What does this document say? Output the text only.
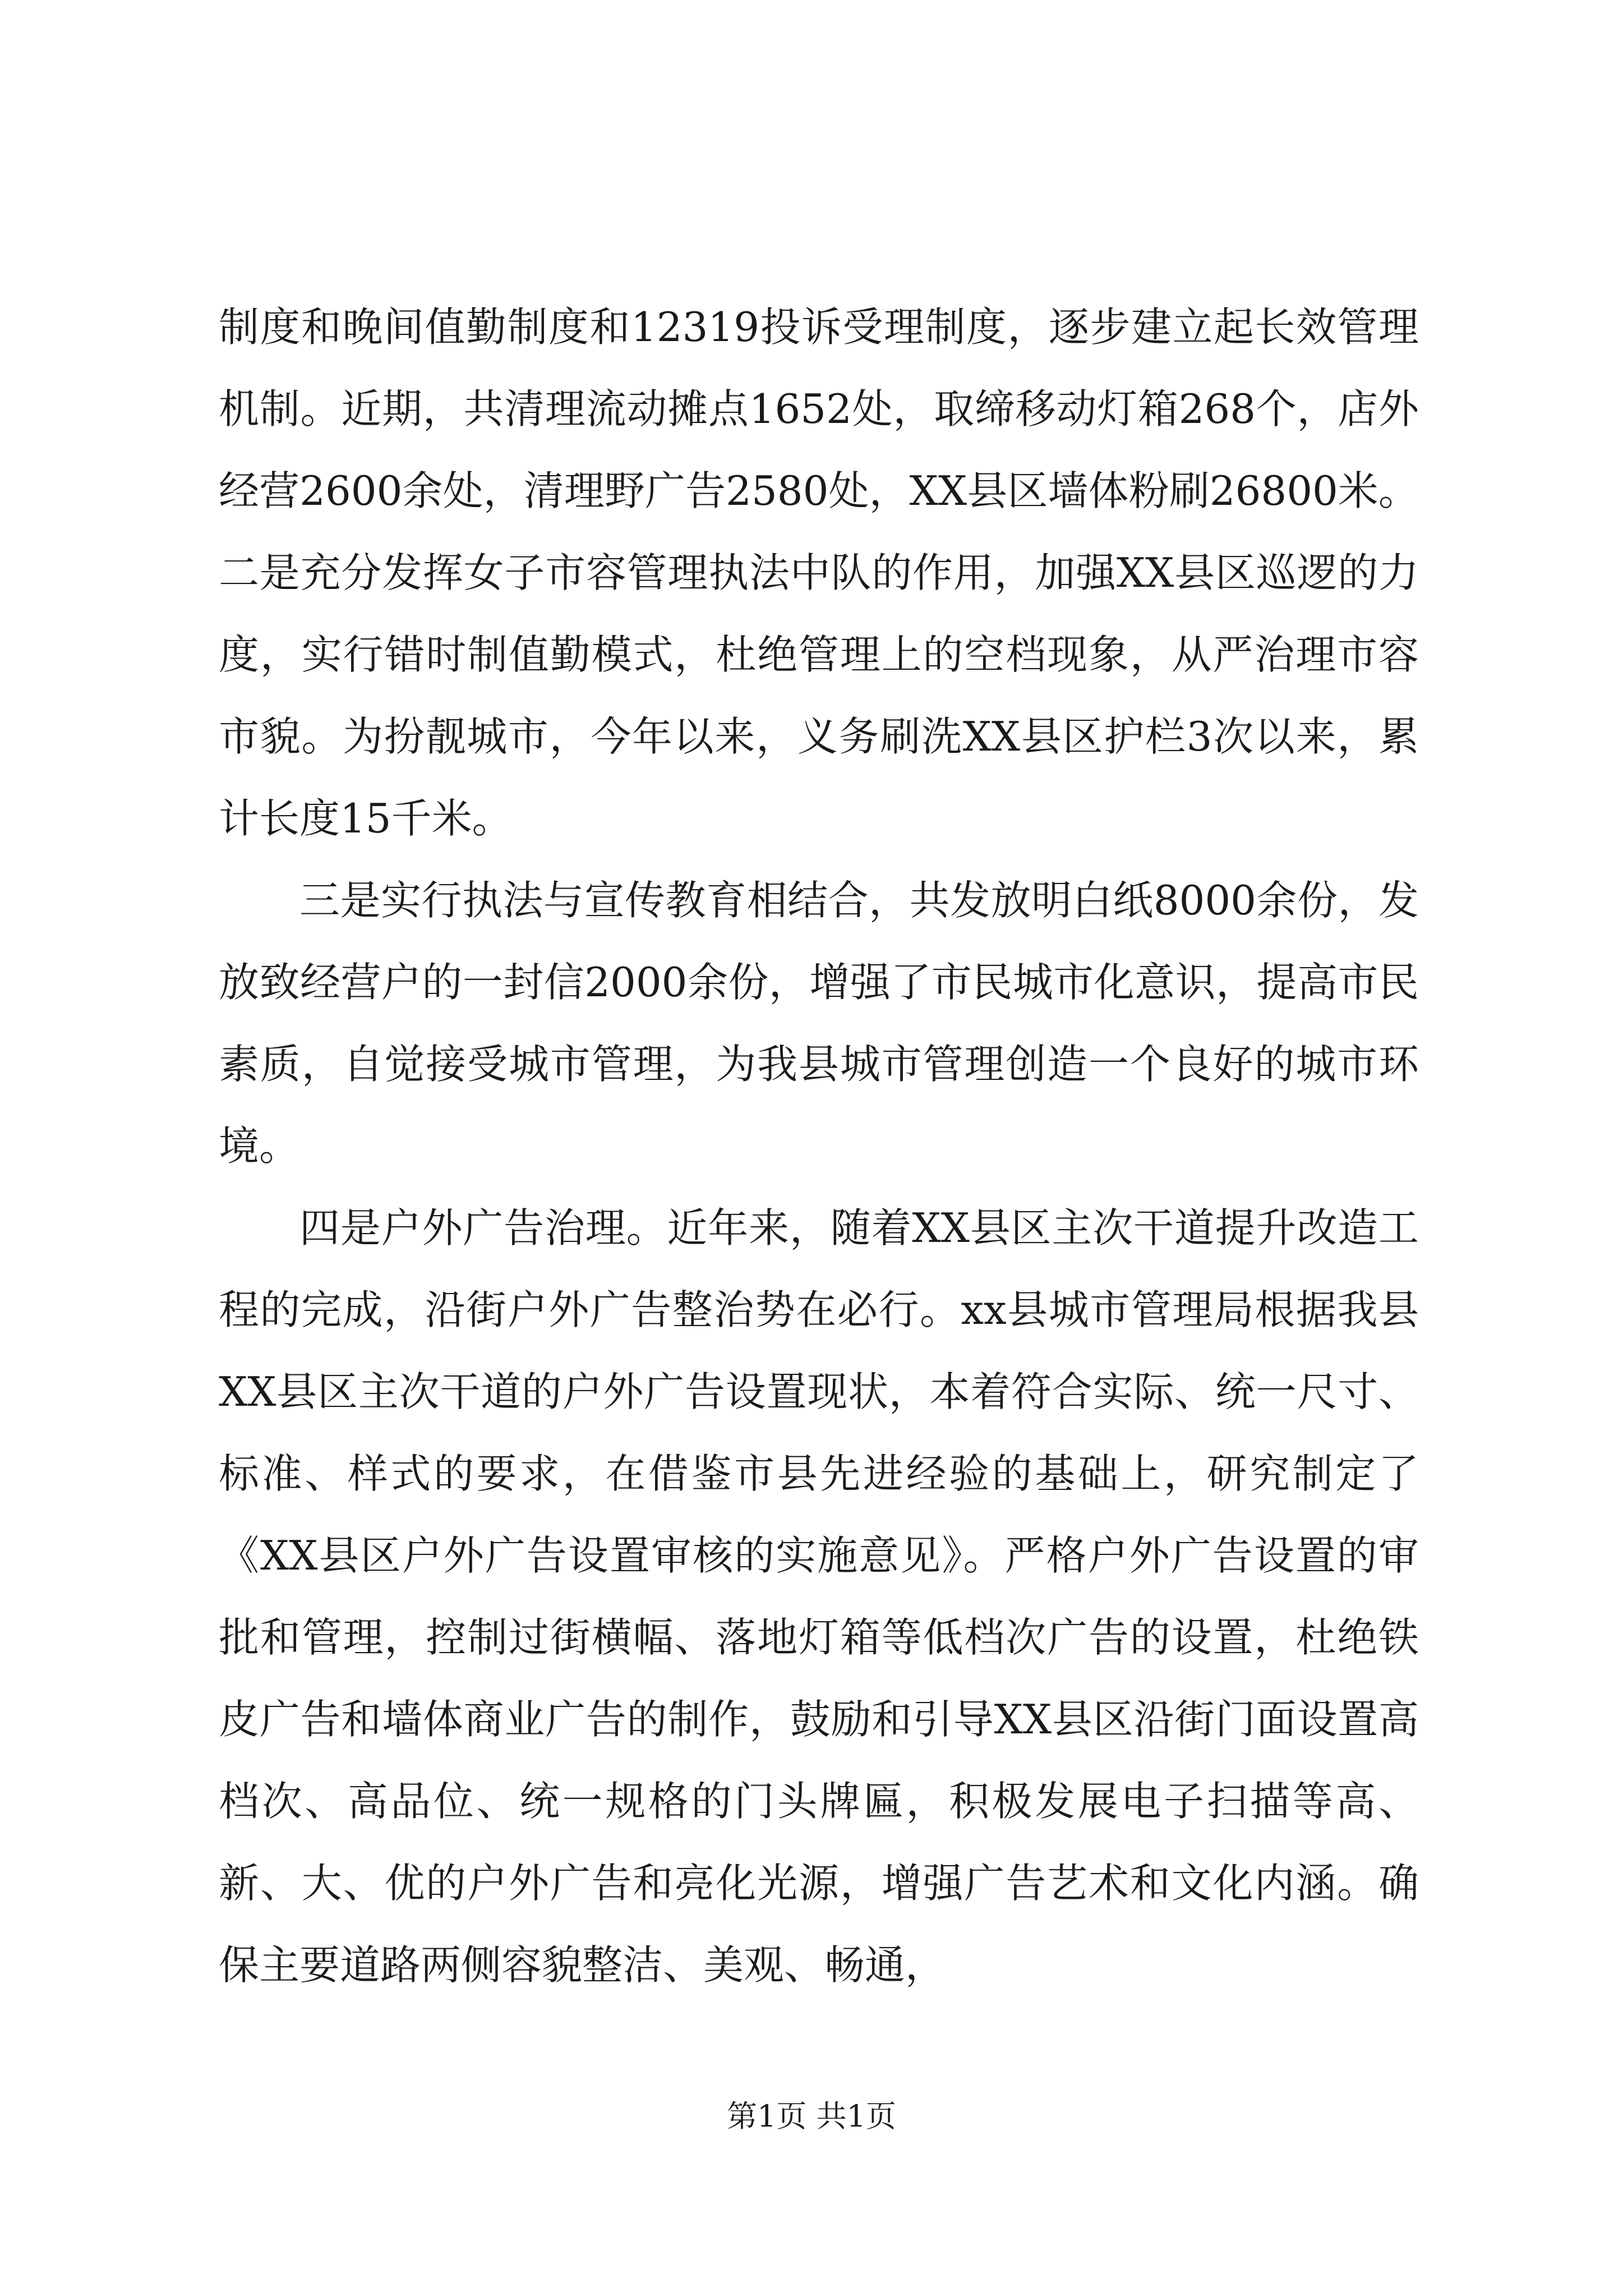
制度和晚间值勤制度和12319投诉受理制度，逐步建立起长效管理机制。近期，共清理流动摊点1652处，取缔移动灯箱268个，店外经营2600余处，清理野广告2580处，XX县区墙体粉刷26800米。二是充分发挥女子市容管理执法中队的作用，加强XX县区巡逻的力度，实行错时制值勤模式，杜绝管理上的空档现象，从严治理市容市貌。为扮靓城市，今年以来，义务刷洗XX县区护栏3次以来，累计长度15千米。

三是实行执法与宣传教育相结合，共发放明白纸8000余份，发放致经营户的一封信2000余份，增强了市民城市化意识，提高市民素质，自觉接受城市管理，为我县城市管理创造一个良好的城市环境。

四是户外广告治理。近年来，随着XX县区主次干道提升改造工程的完成，沿街户外广告整治势在必行。xx县城市管理局根据我县XX县区主次干道的户外广告设置现状，本着符合实际、统一尺寸、标准、样式的要求，在借鉴市县先进经验的基础上，研究制定了《XX县区户外广告设置审核的实施意见》。严格户外广告设置的审批和管理，控制过街横幅、落地灯箱等低档次广告的设置，杜绝铁皮广告和墙体商业广告的制作，鼓励和引导XX县区沿街门面设置高档次、高品位、统一规格的门头牌匾，积极发展电子扫描等高、新、大、优的户外广告和亮化光源，增强广告艺术和文化内涵。确保主要道路两侧容貌整洁、美观、畅通，

第1页 共1页
